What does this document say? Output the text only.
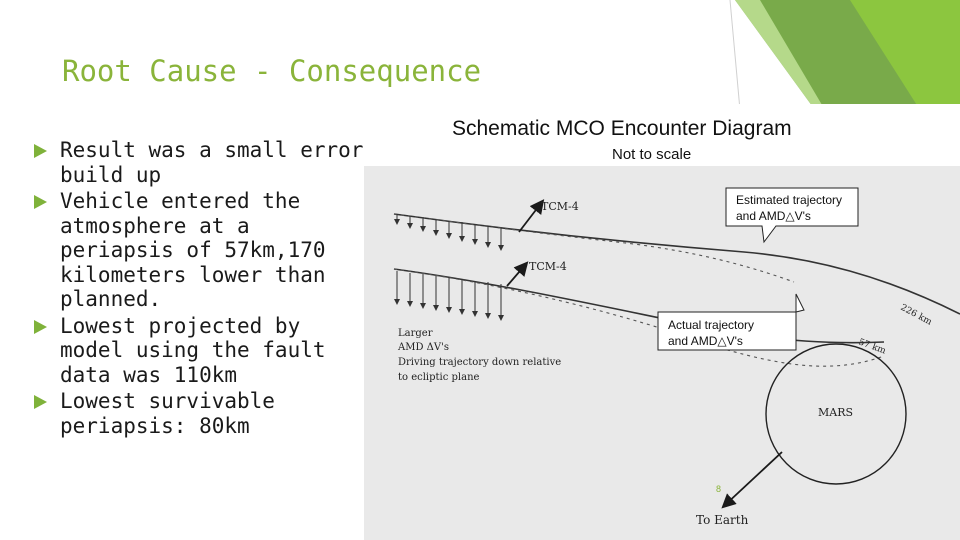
Root Cause - Consequence
Result was a small error build up
Vehicle entered the atmosphere at a periapsis of 57km,170 kilometers lower than planned.
Lowest projected by model using the fault data was 110km
Lowest survivable periapsis: 80km
Schematic MCO Encounter Diagram
Not to scale
TCM-4
TCM-4
Estimated trajectory
and AMD△V's
Actual trajectory
and AMD△V's
226 km
57 km
Larger
AMD ΔV's
Driving trajectory down relative
to ecliptic plane
MARS
To Earth
8
